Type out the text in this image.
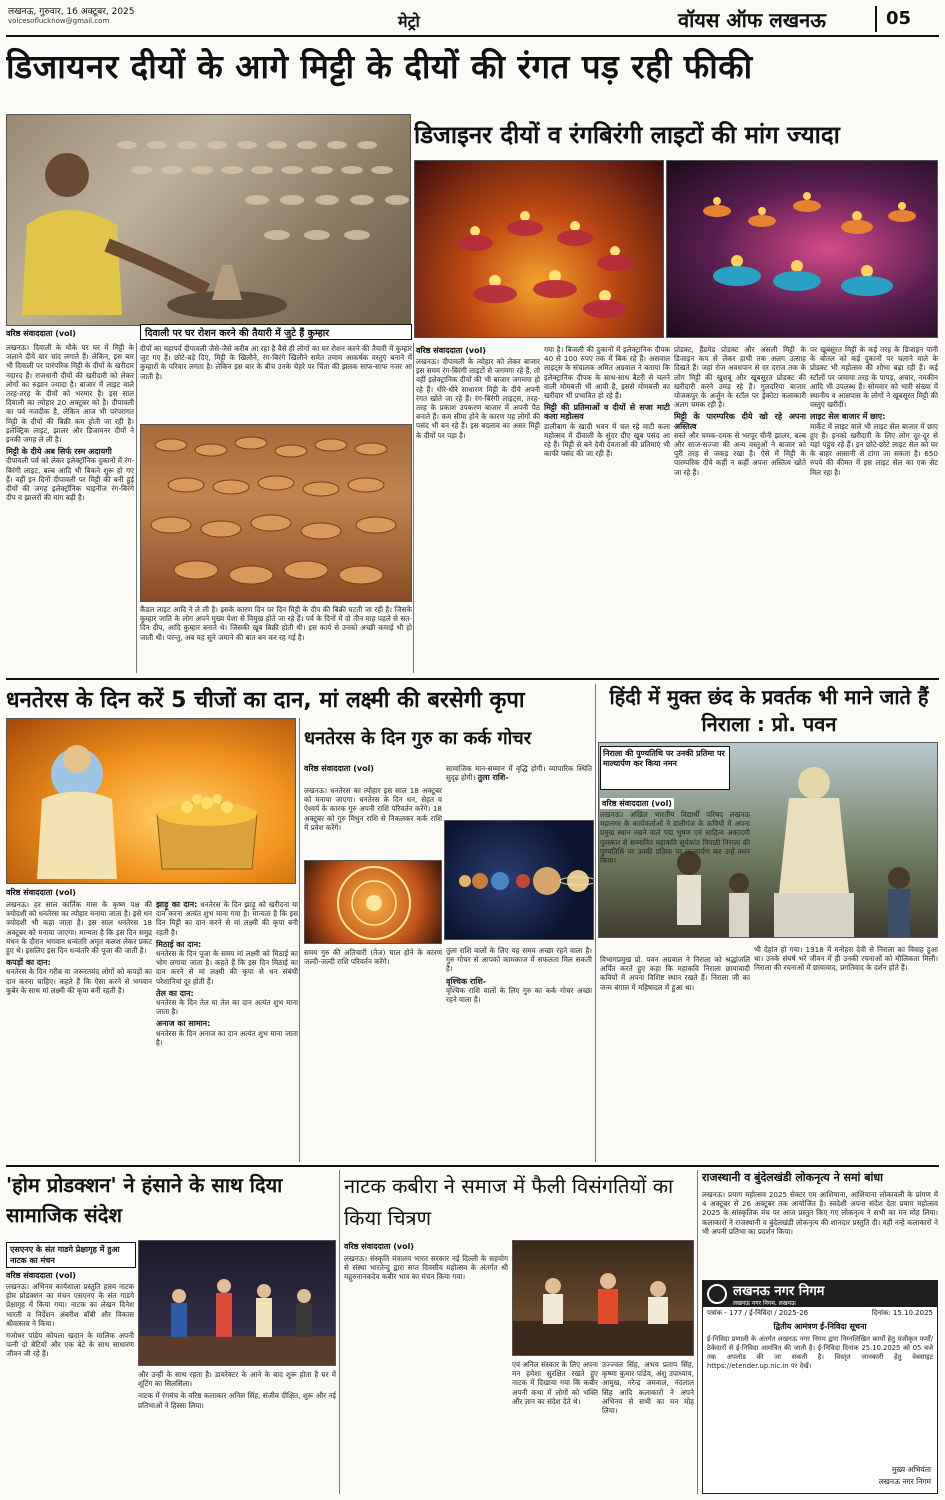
लखनऊ, गुरुवार, 16 अक्टूबर, 2025
voicesoflucknow@gmail.com	मेट्रो	वॉयस ऑफ लखनऊ	05
डिजायनर दीयों के आगे मिट्टी के दीयों की रंगत पड़ रही फीकी
वरिष्ठ संवाददाता (vol)
डिजाइनर दीयों व रंगबिरंगी लाइटों की मांग ज्यादा
दिवाली पर घर रोशन करने की तैयारी में जुटे हैं कुम्हार
लखनऊ। दिवाली के मौके पर घर में मिट्टी के जलाने दीये चार चांद लगाते हैं। लेकिन, इस बार भी दिवाली पर पारंपरिक मिट्टी के दीयों के खरीदार नदारद हैं। राजधानी दीयों की खरीदारी को लेकर लोगों का रुझान ज्यादा है। बाजार में लाइट वाले तरह-तरह के दीयों को भरमार है। इस साल दिवाली का त्योहार 20 अक्टूबर को है। दीपावली का पर्व नजदीक है, लेकिन आज भी परंपरागत मिट्टी के दीयों की बिक्री कम होती जा रही है। इलेक्ट्रिक लाइट, झालर और डिजायनर दीयों ने इनकी जगह ले ली है।
मिट्टी के दीये अब सिर्फ रस्म अदायगी
दीपावली पर्व को लेकर इलेक्ट्रॉनिक दुकानों में रंग-बिरंगी लाइट, बल्ब आदि भी बिकने शुरू हो गए हैं। वहीं इन दिनों दीपावली पर मिट्टी की बनी हुई दीयों की जगह इलेक्ट्रॉनिक चाइनीज रंग-बिरंगे दीप व झालरों की मांग बढ़ी है।
दीपों का महापर्व दीपावली जैसे-जैसे करीब आ रहा है वैसे ही लोगों का घर रोशन करने की तैयारी में कुम्हार जुट गए हैं। छोटे-बड़े दिए, मिट्टी के खिलौने, रंग-बिरंगे खिलौने समेत तमाम आकर्षक वस्तुएं बनाने में कुम्हारों के परिवार लगता है। लेकिन इस बार के बीच उनके चेहरे पर चिंता की झलक साफ-साफ नजर आ जाती है।
कैंडल लाइट आदि ने ले ली है। इसके कारण दिन पर दिन मिट्टी के दीप की बिक्री घटती जा रही है। जिसके कुम्हार जाति के लोग अपने मुख्य पेशा से विमुख होते जा रहे हैं। पर्व के दिनों में दो तीन माह पहले से सत-दिन दीप, आदि कुम्हार बनाते थे। जिसकी खूब बिक्री होती थी। इस कार्य से उनको अच्छी कमाई भी हो जाती थी। परन्तु, अब यह सुने जमाने की बात बन कर रह गई है।
वरिष्ठ संवाददाता (vol)
लखनऊ। दीपावली के त्योहार को लेकर बाजार इस समय रंग-बिरंगी लाइटों से जगमगा रहे हैं, तो वहीं इलेक्ट्रानिक दीयों की भी बाजार जगमगा हो रहे हैं। धीरे-धीरे साधारण मिट्टी के दीये अपनी रंगत खोते जा रहे हैं। रंग-बिरंगी लाइट्स, तरह-तरह के प्रकाश उपकरण बाजार में अपनी पैठ बनाते हैं। कम सीमा होने के कारण यह लोगों की पसंद भी बन रहे हैं। इस बदलाव का असर मिट्टी के दीयों पर पड़ा है।
गया है। बिजली की दुकानों में इलेक्ट्रानिक दीपक 40 से 100 रुपए तक में बिक रहे हैं। असवाल लाइट्स के संचालक अमित अग्रवाल ने बताया कि इलेक्ट्रानिक दीपक के साथ-साथ बैटरी से चलने वाली मोमबत्ती भी आयी है, इससे मोमबत्ती का खरीदार भी प्रभावित हो रहे हैं।
मिट्टी की प्रतिमाओं व दीयों से सजा माटी कला महोत्सव
डालीबाग के खादी भवन में चल रहे माटी कला महोत्सव में दीवाली के सुंदर दीए खूब पसंद आ रहे हैं। मिट्टी से बने देवी देवताओं की प्रतिमाएं भी काफी पसंद की जा रही हैं।
प्रोडक्ट, हैंडमेड प्रोडक्ट और असली मिट्टी के डिजाइन कप से लेकर हाथी तक अलग उत्साह दिखते हैं। जहां रोज अवधपान से दर दराज तक के लोग मिट्टी की खुशबू और खूबसूरत प्रोडक्ट की खरीदारी करने उमड़ रहे हैं। गुलदरिया बाजार योजकपुर के अर्जुन के स्टॉल पर ड्रेकोटा कलाकारी अलग चमक रही है।
मिट्टी के पारम्परिक दीये खो रहे अपना अस्तित्व
सस्ते और चमक-दमक से भरपूर चीनी झालर, बल्ब और साज-सज्जा की अन्य वस्तुओं ने बाजार को पूरी तरह से जकड़ रखा है। ऐसे में मिट्टी के पारम्परिक दीये कहीं न कहीं अपना अस्तित्व खोते जा रहे हैं।
पर खूबसूरत मिट्टी के कई तरह के डिजाइन पानी के बोतल को कई दुकानों पर चलाने वाले के प्रोडक्ट भी महोत्सव की शोभा बढ़ा रही हैं। कई स्टॉलों पर जमाया तरह के पापड़, अचार, नमकीन आदि भी उपलब्ध हैं। सोमवार को भारी संख्या में स्थानीय व आसपास के लोगों ने खूबसूरत मिट्टी की वस्तुएं खरीदीं।
लाइट सेल बाजार में छाए:
मार्केट में लाइट वाले भी लाइट सेल बाजार में छाए हुए हैं। इनको खरीदारी के लिए लोग दूर-दूर से यहां पहुंच रहे हैं। इन छोटे-छोटे लाइट सेल को घर के बाहर आसानी से टांगा जा सकता है। 650 रुपये की कीमत में इस लाइट सेल का एक सेट मिल रहा है।
धनतेरस के दिन करें 5 चीजों का दान, मां लक्ष्मी की बरसेगी कृपा
वरिष्ठ संवाददाता (vol)
लखनऊ। हर साल कार्तिक मास के कृष्ण पक्ष की त्रयोदशी को धनतेरस का त्योहार मनाया जाता है। इसे धन त्रयोदशी भी कहा जाता है। इस साल धनतेरस 18 अक्टूबर को मनाया जाएगा। मान्यता है कि इस दिन समुद्र मंथन के दौरान भगवान धन्वंतरि अमृत कलश लेकर प्रकट हुए थे। इसलिए इस दिन धन्वंतरि की पूजा की जाती है।
कपड़ों का दान:
धनतेरस के दिन गरीब या जरूरतमंद लोगों को कपड़ों का दान करना चाहिए। कहते हैं कि ऐसा करने से भगवान कुबेर के साथ मां लक्ष्मी की कृपा बनी रहती है।
झाड़ू का दान: धनतेरस के दिन झाड़ू को खरीदना या दान करना अत्यंत शुभ माना गया है। मान्यता है कि इस दिन मिट्टी का दान करने से मां लक्ष्मी की कृपा बनी रहती है।
मिठाई का दान:
धनतेरस के दिन पूजा के समय मां लक्ष्मी को मिठाई का भोग लगाया जाता है। कहते हैं कि इस दिन मिठाई का दान करने से मां लक्ष्मी की कृपा से धन संबंधी परेशानियां दूर होती हैं।
तेल का दान:
धनतेरस के दिन तेल या तेल का दान अत्यंत शुभ माना जाता है।
अनाज का सामान:
धनतेरस के दिन अनाज का दान अत्यंत शुभ माना जाता है।
धनतेरस के दिन गुरु का कर्क गोचर
वरिष्ठ संवाददाता (vol)
लखनऊ। धनतेरस का त्योहार इस साल 18 अक्टूबर को मनाया जाएगा। धनतेरस के दिन धन, सेहत व ऐश्वर्य के कारक गुरु अपनी राशि परिवर्तन करेंगे। 18 अक्टूबर को गुरु मिथुन राशि से निकलकर कर्क राशि में प्रवेश करेंगे।
सामाजिक मान-सम्मान में वृद्धि होगी। व्यापारिक स्थिति सुदृढ़ होगी। तुला राशि-
समय गुरु की अतिचारी (तेज) चाल होने के कारण जल्दी-जल्दी राशि परिवर्तन करेंगे।
तुला राशि वालों के लिए यह समय अच्छा रहने वाला है। गुरु गोचर से आपको कामकाज में सफलता मिल सकती है।
वृश्चिक राशि-
वृश्चिक राशि वालों के लिए गुरु का कर्क गोचर अच्छा रहने वाला है।
हिंदी में मुक्त छंद के प्रवर्तक भी माने जाते हैं निराला : प्रो. पवन
निराला की पुण्यतिथि पर उनकी प्रतिमा पर माल्यार्पण कर किया नमन
वरिष्ठ संवाददाता (vol)
लखनऊ। अखिल भारतीय विद्यार्थी परिषद लखनऊ महानगर के कार्यकर्ताओं ने डालीगंज के कवियों में अपना प्रमुख स्थान रखने वाले पद्म भूषण एवं साहित्य अकादमी पुरस्कार से सम्मानित महाकवि सूर्यकांत त्रिपाठी निराला की पुण्यतिथि पर उनकी प्रतिमा पर माल्यार्पण कर उन्हें नमन किया।
विभागप्रमुख प्रो. पवन अग्रवाल ने निराला को श्रद्धांजलि अर्पित करते हुए कहा कि महाकवि निराला छायावादी कवियों में अपना विशिष्ट स्थान रखते हैं। निराला जी का जन्म बंगाल में महिषादल में हुआ था।
भी देहांत हो गया। 1918 में मनोहरा देवी से निराला का विवाह हुआ था। उनके संघर्ष भरे जीवन में ही उनकी रचनाओं को मौलिकता मिली। निराला की रचनाओं में छायावाद, प्रगतिवाद के दर्शन होते हैं।
'होम प्रोडक्शन' ने हंसाने के साथ दिया सामाजिक संदेश
एसएनए के संत गाडगे प्रेक्षागृह में हुआ नाटक का मंचन
वरिष्ठ संवाददाता (vol)
लखनऊ। अभिनव कार्यशाला प्रस्तुति हास्य नाटक होम प्रोडक्शन का मंचन एसएनए के संत गाडगे प्रेक्षागृह में किया गया। नाटक का लेखन दिनेश भारती व निर्देशन अंबरीश बॉबी और विकास श्रीवास्तव ने किया।
गजोधर पांडेय कोयला खदान के मालिक अपनी पत्नी दो बेटियों और एक बेटे के साथ साधारण जीवन जी रहे हैं।
और उन्हीं के साथ रहता है। डायरेक्टर के आने के बाद शुरू होता है घर में शूटिंग का सिलसिला।
नाटक में रंगमंच के वरिष्ठ कलाकार अनिल सिंह, संजीव दीक्षित, शुरू और नई प्रतिभाओं ने हिस्सा लिया।
नाटक कबीरा ने समाज में फैली विसंगतियों का किया चित्रण
वरिष्ठ संवाददाता (vol)
लखनऊ। संस्कृति मंत्रालय भारत सरकार नई दिल्ली के सहयोग से संस्था भारतेन्दु द्वारा सप्त दिवसीय महोत्सव के अंतर्गत श्री मद्गुरुनानकदेव कबीर भाव का मंचन किया गया।
एवं अनिल संस्कार के लिए अपना मन हमेशा सुरक्षित रखते हुए नाटक में दिखाया गया कि कबीर अपनी कथा में लोगों को भक्ति और ज्ञान का संदेश देते थे।
उज्ज्वल सिंह, अभय प्रताप सिंह, कृष्णा कुमार पांडेय, अंशु उपाध्याय, आमुख, नरेन्द्र जमवाल, नंदलाल सिंह आदि कलाकारों ने अपने अभिनय से सभी का मन मोह लिया।
राजस्थानी व बुंदेलखंडी लोकनृत्य ने समां बांधा
लखनऊ। प्रयाग महोत्सव 2025 सेक्टर एम आशियाना, आशियाना लोकावली के प्रांगण में 4 अक्टूबर से 26 अक्टूबर तक आयोजित है। स्वदेशी अपना संदेश देता प्रयाग महोत्सव 2025 के सांस्कृतिक मंच पर आज प्रस्तुत किए गए लोकनृत्य ने सभी का मन मोह लिया। कलाकारों ने राजस्थानी व बुंदेलखंडी लोकनृत्य की शानदार प्रस्तुति दी। वहीं नन्हे कलाकारों ने भी अपनी प्रतिभा का प्रदर्शन किया।
लखनऊ नगर निगम
लखनऊ नगर निगम, लखनऊ
पत्रांक - 177 / ई-निविदा / 2025-26	दिनांक: 15.10.2025
द्वितीय आमंत्रण ई-निविदा सूचना
ई-निविदा प्रणाली के अंतर्गत लखनऊ नगर निगम द्वारा निम्नलिखित कार्यों हेतु पंजीकृत फर्मों/ठेकेदारों से ई-निविदा आमंत्रित की जाती है। ई-निविदा दिनांक 25.10.2025 को 05 बजे तक अपलोड की जा सकती है। विस्तृत जानकारी हेतु वेबसाइट https://etender.up.nic.in पर देखें।
मुख्य अभियंता
लखनऊ नगर निगम
